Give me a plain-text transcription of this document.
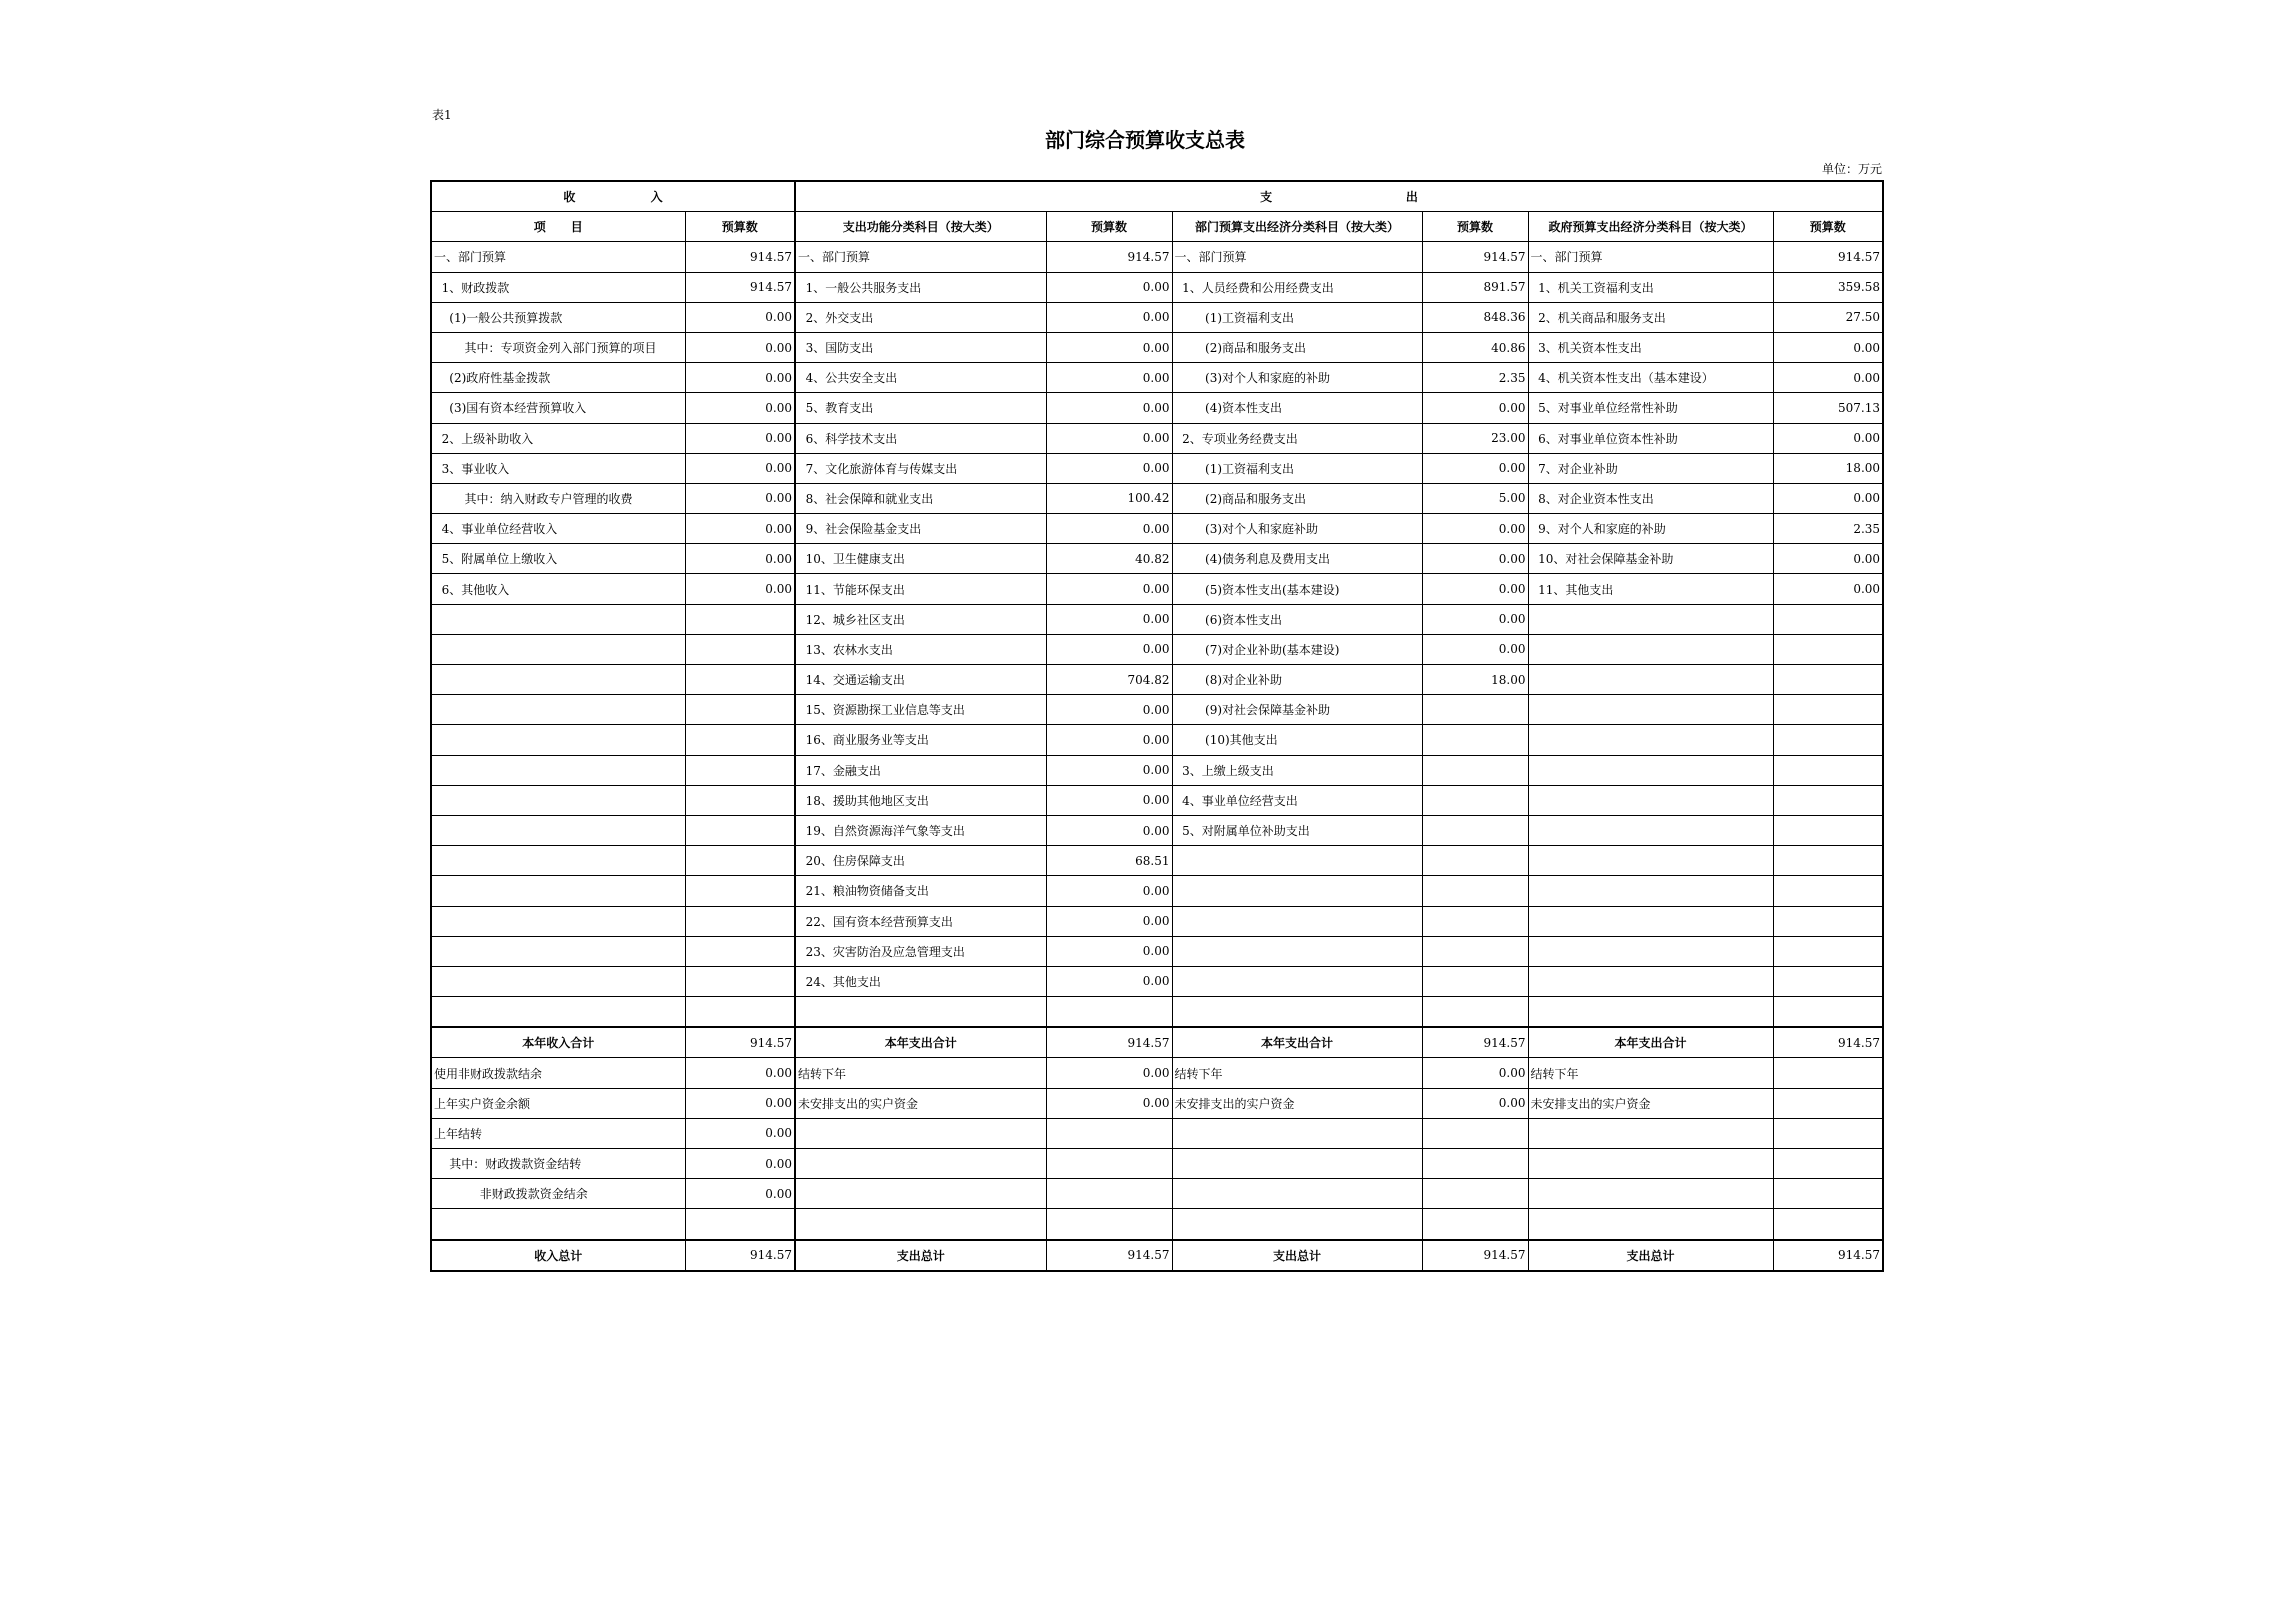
表1
部门综合预算收支总表
单位：万元
收                  入		支                                出					
项      目	预算数	支出功能分类科目（按大类）	预算数	部门预算支出经济分类科目（按大类）	预算数	政府预算支出经济分类科目（按大类）	预算数
一、部门预算	914.57	一、部门预算	914.57	一、部门预算	914.57	一、部门预算	914.57
1、财政拨款	914.57	1、一般公共服务支出	0.00	1、人员经费和公用经费支出	891.57	1、机关工资福利支出	359.58
(1)一般公共预算拨款	0.00	2、外交支出	0.00	(1)工资福利支出	848.36	2、机关商品和服务支出	27.50
其中：专项资金列入部门预算的项目	0.00	3、国防支出	0.00	(2)商品和服务支出	40.86	3、机关资本性支出	0.00
(2)政府性基金拨款	0.00	4、公共安全支出	0.00	(3)对个人和家庭的补助	2.35	4、机关资本性支出（基本建设）	0.00
(3)国有资本经营预算收入	0.00	5、教育支出	0.00	(4)资本性支出	0.00	5、对事业单位经常性补助	507.13
2、上级补助收入	0.00	6、科学技术支出	0.00	2、专项业务经费支出	23.00	6、对事业单位资本性补助	0.00
3、事业收入	0.00	7、文化旅游体育与传媒支出	0.00	(1)工资福利支出	0.00	7、对企业补助	18.00
其中：纳入财政专户管理的收费	0.00	8、社会保障和就业支出	100.42	(2)商品和服务支出	5.00	8、对企业资本性支出	0.00
4、事业单位经营收入	0.00	9、社会保险基金支出	0.00	(3)对个人和家庭补助	0.00	9、对个人和家庭的补助	2.35
5、附属单位上缴收入	0.00	10、卫生健康支出	40.82	(4)债务利息及费用支出	0.00	10、对社会保障基金补助	0.00
6、其他收入	0.00	11、节能环保支出	0.00	(5)资本性支出(基本建设)	0.00	11、其他支出	0.00
		12、城乡社区支出	0.00	(6)资本性支出	0.00		
		13、农林水支出	0.00	(7)对企业补助(基本建设)	0.00		
		14、交通运输支出	704.82	(8)对企业补助	18.00		
		15、资源勘探工业信息等支出	0.00	(9)对社会保障基金补助			
		16、商业服务业等支出	0.00	(10)其他支出			
		17、金融支出	0.00	3、上缴上级支出			
		18、援助其他地区支出	0.00	4、事业单位经营支出			
		19、自然资源海洋气象等支出	0.00	5、对附属单位补助支出			
		20、住房保障支出	68.51				
		21、粮油物资储备支出	0.00				
		22、国有资本经营预算支出	0.00				
		23、灾害防治及应急管理支出	0.00				
		24、其他支出	0.00				

本年收入合计	914.57	本年支出合计	914.57	本年支出合计	914.57	本年支出合计	914.57
使用非财政拨款结余	0.00	结转下年	0.00	结转下年	0.00	结转下年	
上年实户资金余额	0.00	未安排支出的实户资金	0.00	未安排支出的实户资金	0.00	未安排支出的实户资金	
上年结转	0.00						
其中：财政拨款资金结转	0.00						
非财政拨款资金结余	0.00						

收入总计	914.57	支出总计	914.57	支出总计	914.57	支出总计	914.57
